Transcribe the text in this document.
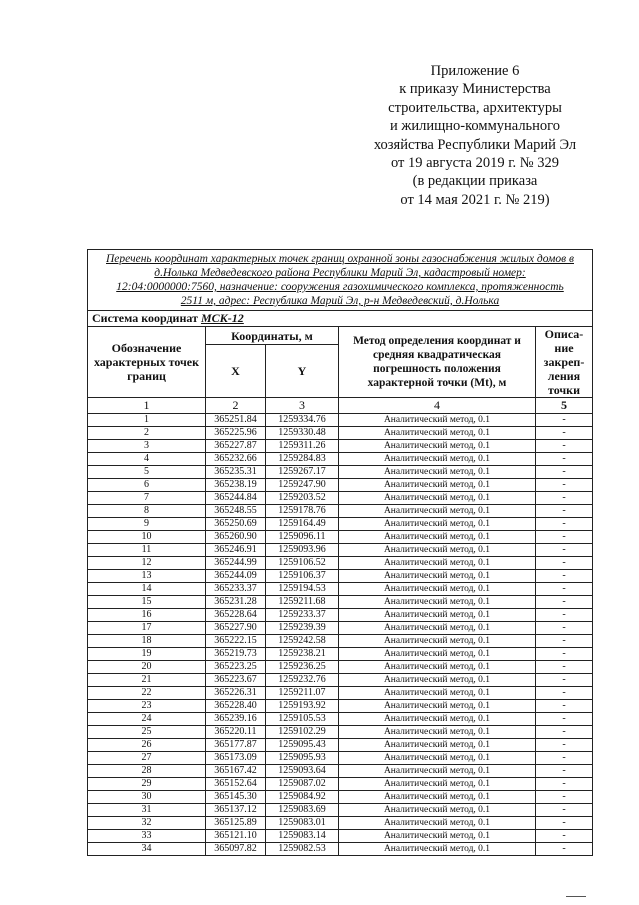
Приложение 6
к приказу Министерства
строительства, архитектуры
и жилищно-коммунального
хозяйства Республики Марий Эл
от 19 августа 2019 г. № 329
(в редакции приказа
от 14 мая 2021 г. № 219)
Перечень координат характерных точек границ охранной зоны газоснабжения жилых домов в
д.Нолька Медведевского района Республики Марий Эл, кадастровый номер:
12:04:0000000:7560, назначение: сооружения газохимического комплекса, протяженность
2511 м, адрес: Республика Марий Эл, р-н Медведевский, д.Нолька				

Система координат МСК-12				
Обозначение характерных точек границ	Координаты, м		Метод определения координат и средняя квадратическая погрешность положения характерной точки (Mt), м	Описа-ние закреп-ления точки
	X	Y		
1	2	3	4	5
1	365251.84	1259334.76	Аналитический метод, 0.1	-
2	365225.96	1259330.48	Аналитический метод, 0.1	-
3	365227.87	1259311.26	Аналитический метод, 0.1	-
4	365232.66	1259284.83	Аналитический метод, 0.1	-
5	365235.31	1259267.17	Аналитический метод, 0.1	-
6	365238.19	1259247.90	Аналитический метод, 0.1	-
7	365244.84	1259203.52	Аналитический метод, 0.1	-
8	365248.55	1259178.76	Аналитический метод, 0.1	-
9	365250.69	1259164.49	Аналитический метод, 0.1	-
10	365260.90	1259096.11	Аналитический метод, 0.1	-
11	365246.91	1259093.96	Аналитический метод, 0.1	-
12	365244.99	1259106.52	Аналитический метод, 0.1	-
13	365244.09	1259106.37	Аналитический метод, 0.1	-
14	365233.37	1259194.53	Аналитический метод, 0.1	-
15	365231.28	1259211.68	Аналитический метод, 0.1	-
16	365228.64	1259233.37	Аналитический метод, 0.1	-
17	365227.90	1259239.39	Аналитический метод, 0.1	-
18	365222.15	1259242.58	Аналитический метод, 0.1	-
19	365219.73	1259238.21	Аналитический метод, 0.1	-
20	365223.25	1259236.25	Аналитический метод, 0.1	-
21	365223.67	1259232.76	Аналитический метод, 0.1	-
22	365226.31	1259211.07	Аналитический метод, 0.1	-
23	365228.40	1259193.92	Аналитический метод, 0.1	-
24	365239.16	1259105.53	Аналитический метод, 0.1	-
25	365220.11	1259102.29	Аналитический метод, 0.1	-
26	365177.87	1259095.43	Аналитический метод, 0.1	-
27	365173.09	1259095.93	Аналитический метод, 0.1	-
28	365167.42	1259093.64	Аналитический метод, 0.1	-
29	365152.64	1259087.02	Аналитический метод, 0.1	-
30	365145.30	1259084.92	Аналитический метод, 0.1	-
31	365137.12	1259083.69	Аналитический метод, 0.1	-
32	365125.89	1259083.01	Аналитический метод, 0.1	-
33	365121.10	1259083.14	Аналитический метод, 0.1	-
34	365097.82	1259082.53	Аналитический метод, 0.1	-
